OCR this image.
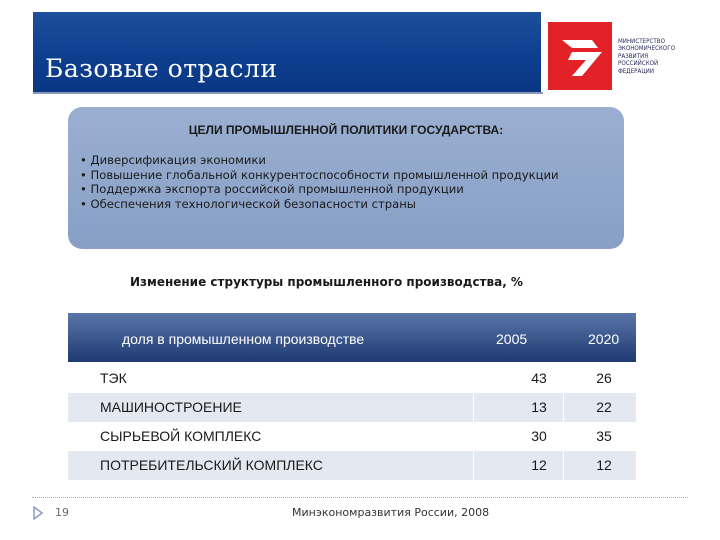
Базовые отрасли
МИНИСТЕРСТВО
ЭКОНОМИЧЕСКОГО
РАЗВИТИЯ
РОССИЙСКОЙ
ФЕДЕРАЦИИ
ЦЕЛИ ПРОМЫШЛЕННОЙ ПОЛИТИКИ ГОСУДАРСТВА:
• Диверсификация экономики
• Повышение глобальной конкурентоспособности промышленной продукции
• Поддержка экспорта российской промышленной продукции
• Обеспечения технологической безопасности страны
Изменение структуры промышленного производства, %
доля в промышленном производстве	2005	2020
ТЭК	43	26
МАШИНОСТРОЕНИЕ	13	22
СЫРЬЕВОЙ КОМПЛЕКС	30	35
ПОТРЕБИТЕЛЬСКИЙ КОМПЛЕКС	12	12
19	Минэкономразвития России, 2008
